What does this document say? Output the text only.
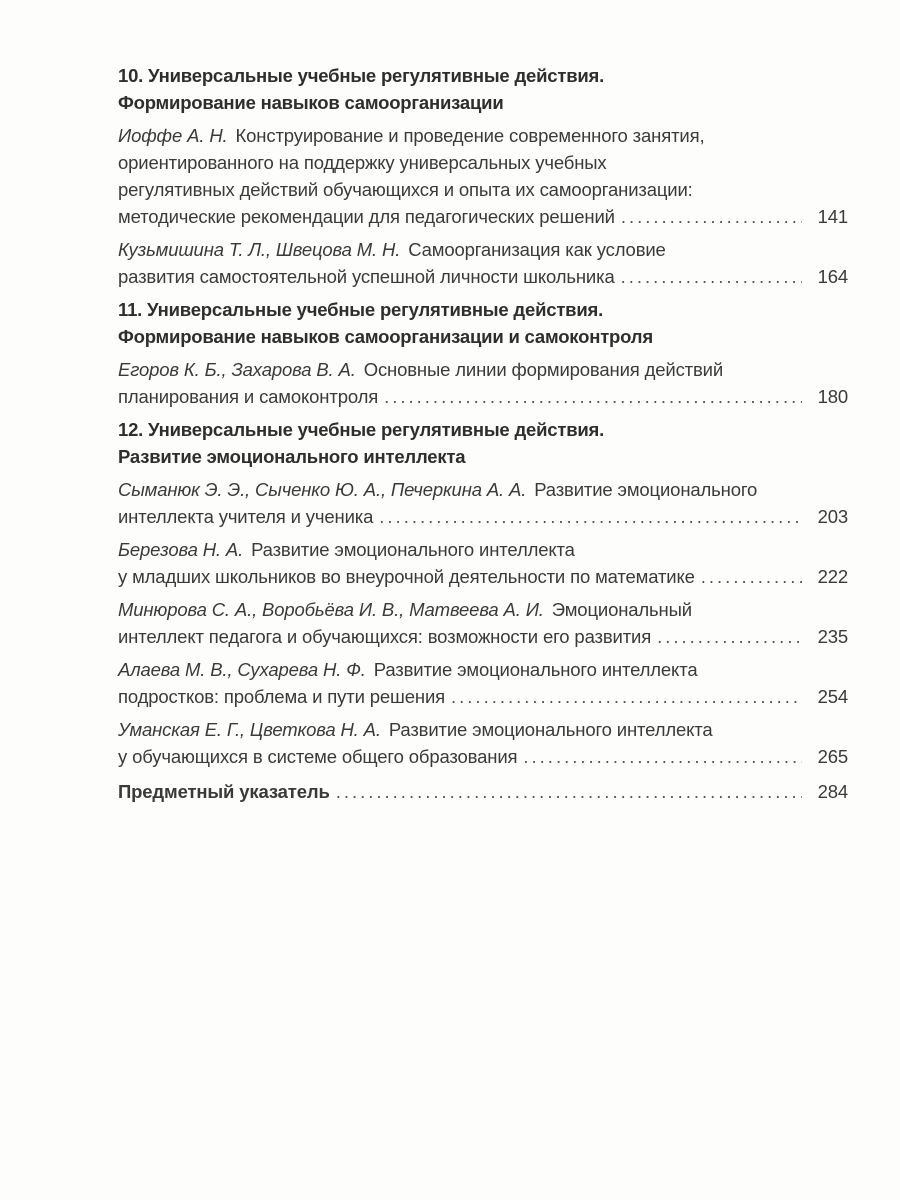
10. Универсальные учебные регулятивные действия.
Формирование навыков самоорганизации
Иоффе А. Н. Конструирование и проведение современного занятия,
ориентированного на поддержку универсальных учебных
регулятивных действий обучающихся и опыта их самоорганизации:
методические рекомендации для педагогических решений .....	141
Кузьмишина Т. Л., Швецова М. Н. Самоорганизация как условие
развития самостоятельной успешной личности школьника .....	164
11. Универсальные учебные регулятивные действия.
Формирование навыков самоорганизации и самоконтроля
Егоров К. Б., Захарова В. А. Основные линии формирования действий
планирования и самоконтроля .....	180
12. Универсальные учебные регулятивные действия.
Развитие эмоционального интеллекта
Сыманюк Э. Э., Сыченко Ю. А., Печеркина А. А. Развитие эмоционального
интеллекта учителя и ученика .....	203
Березова Н. А. Развитие эмоционального интеллекта
у младших школьников во внеурочной деятельности по математике .....	222
Минюрова С. А., Воробьёва И. В., Матвеева А. И. Эмоциональный
интеллект педагога и обучающихся: возможности его развития .....	235
Алаева М. В., Сухарева Н. Ф. Развитие эмоционального интеллекта
подростков: проблема и пути решения .....	254
Уманская Е. Г., Цветкова Н. А. Развитие эмоционального интеллекта
у обучающихся в системе общего образования .....	265
Предметный указатель .....	284
